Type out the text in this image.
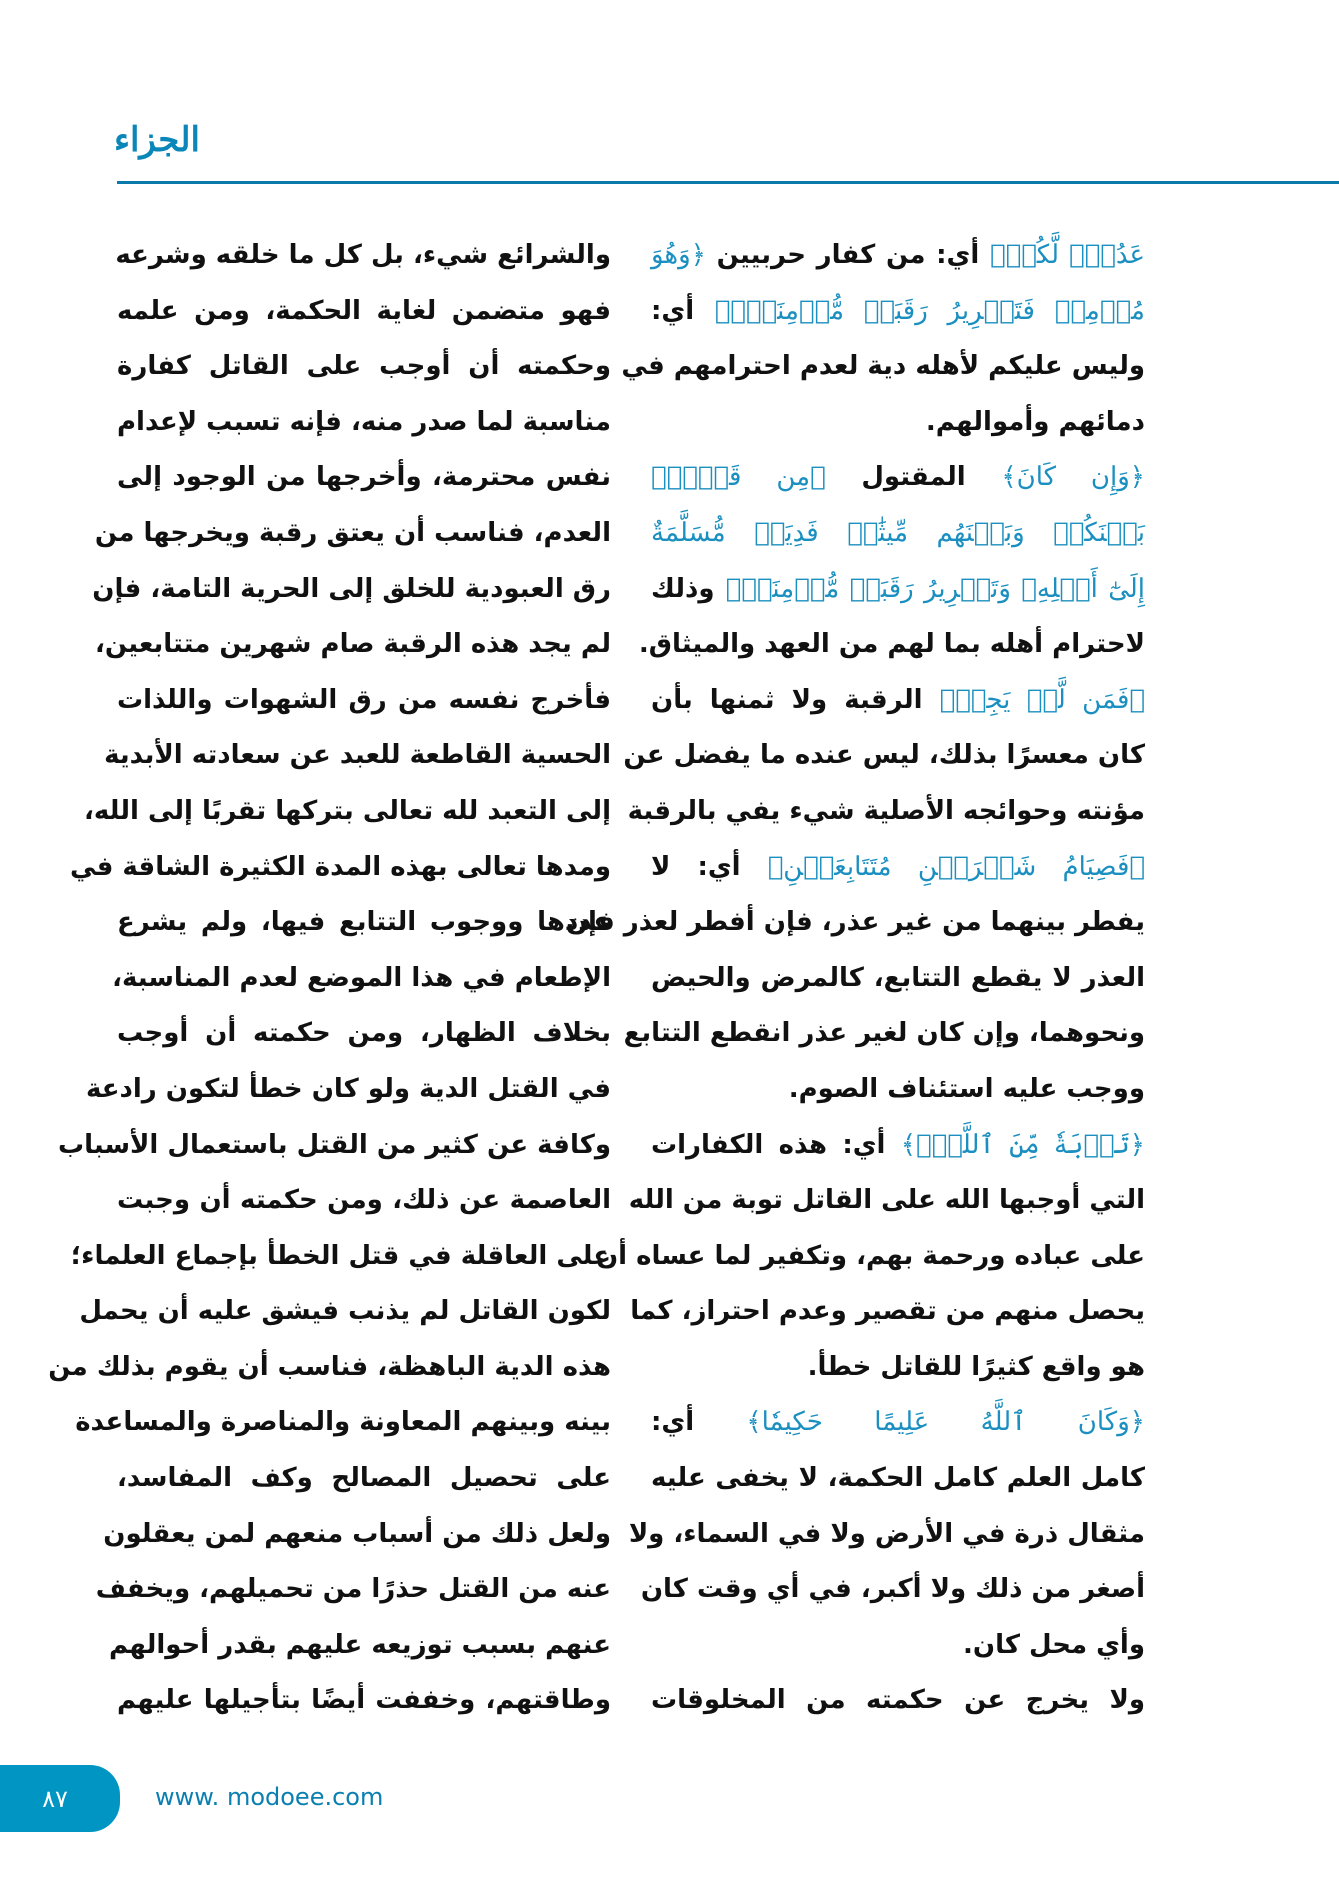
الجزاء
عَدُوّٖ لَّكُمۡ﴾ أي: من كفار حربيين ﴿وَهُوَ
مُؤۡمِنٞ فَتَحۡرِيرُ رَقَبَةٖ مُّؤۡمِنَةٖۖ﴾ أي:
وليس عليكم لأهله دية لعدم احترامهم في
دمائهم وأموالهم.
﴿وَإِن كَانَ﴾ المقتول ﴿مِن قَوۡمِۭ
بَيۡنَكُمۡ وَبَيۡنَهُم مِّيثَٰقٞ فَدِيَةٞ مُّسَلَّمَةٌ
إِلَىٰٓ أَهۡلِهِۦ وَتَحۡرِيرُ رَقَبَةٖ مُّؤۡمِنَةٖ﴾ وذلك
لاحترام أهله بما لهم من العهد والميثاق.
﴿فَمَن لَّمۡ يَجِدۡ﴾ الرقبة ولا ثمنها بأن
كان معسرًا بذلك، ليس عنده ما يفضل عن
مؤنته وحوائجه الأصلية شيء يفي بالرقبة
﴿فَصِيَامُ شَهۡرَيۡنِ مُتَتَابِعَيۡنِ﴾ أي: لا
يفطر بينهما من غير عذر، فإن أفطر لعذر فإن
العذر لا يقطع التتابع، كالمرض والحيض
ونحوهما، وإن كان لغير عذر انقطع التتابع
ووجب عليه استئناف الصوم.
﴿تَوۡبَةٗ مِّنَ ٱللَّهِۗ﴾ أي: هذه الكفارات
التي أوجبها الله على القاتل توبة من الله
على عباده ورحمة بهم، وتكفير لما عساه أن
يحصل منهم من تقصير وعدم احتراز، كما
هو واقع كثيرًا للقاتل خطأ.
﴿وَكَانَ ٱللَّهُ عَلِيمًا حَكِيمٗا﴾ أي:
كامل العلم كامل الحكمة، لا يخفى عليه
مثقال ذرة في الأرض ولا في السماء، ولا
أصغر من ذلك ولا أكبر، في أي وقت كان
وأي محل كان.
ولا يخرج عن حكمته من المخلوقات
والشرائع شيء، بل كل ما خلقه وشرعه
فهو متضمن لغاية الحكمة، ومن علمه
وحكمته أن أوجب على القاتل كفارة
مناسبة لما صدر منه، فإنه تسبب لإعدام
نفس محترمة، وأخرجها من الوجود إلى
العدم، فناسب أن يعتق رقبة ويخرجها من
رق العبودية للخلق إلى الحرية التامة، فإن
لم يجد هذه الرقبة صام شهرين متتابعين،
فأخرج نفسه من رق الشهوات واللذات
الحسية القاطعة للعبد عن سعادته الأبدية
إلى التعبد لله تعالى بتركها تقربًا إلى الله،
ومدها تعالى بهذه المدة الكثيرة الشاقة في
عددها ووجوب التتابع فيها، ولم يشرع
الإطعام في هذا الموضع لعدم المناسبة،
بخلاف الظهار، ومن حكمته أن أوجب
في القتل الدية ولو كان خطأ لتكون رادعة
وكافة عن كثير من القتل باستعمال الأسباب
العاصمة عن ذلك، ومن حكمته أن وجبت
على العاقلة في قتل الخطأ بإجماع العلماء؛
لكون القاتل لم يذنب فيشق عليه أن يحمل
هذه الدية الباهظة، فناسب أن يقوم بذلك من
بينه وبينهم المعاونة والمناصرة والمساعدة
على تحصيل المصالح وكف المفاسد،
ولعل ذلك من أسباب منعهم لمن يعقلون
عنه من القتل حذرًا من تحميلهم، ويخفف
عنهم بسبب توزيعه عليهم بقدر أحوالهم
وطاقتهم، وخففت أيضًا بتأجيلها عليهم
٨٧	www. modoee.com
